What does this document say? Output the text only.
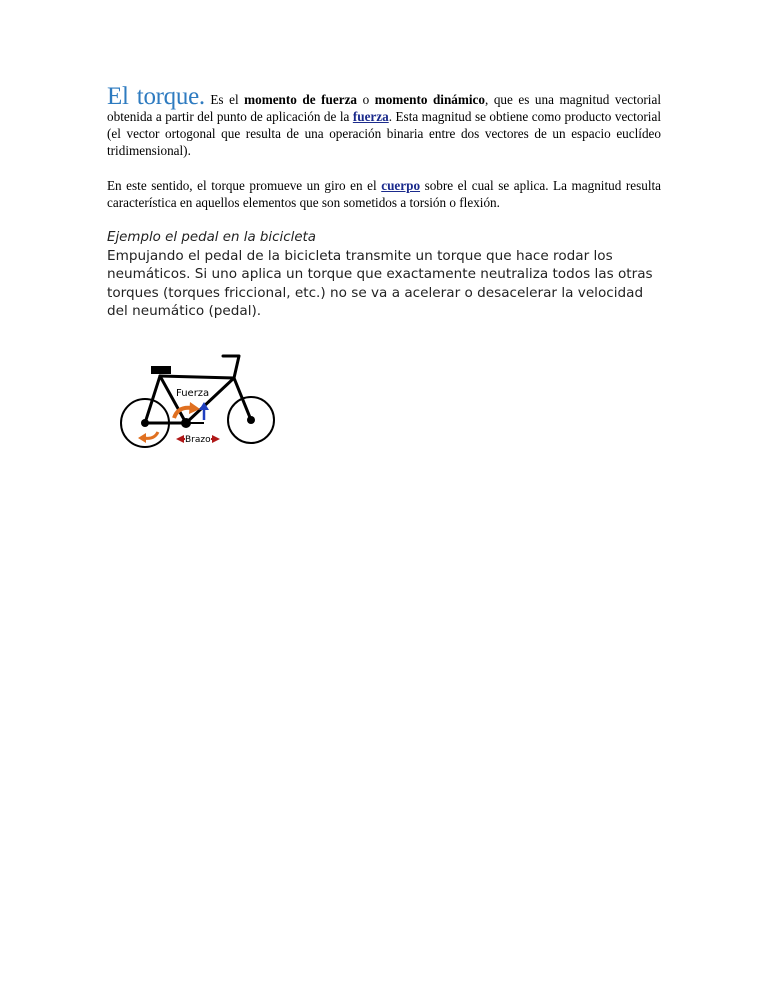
El torque. Es el momento de fuerza o momento dinámico, que es una magnitud vectorial obtenida a partir del punto de aplicación de la fuerza. Esta magnitud se obtiene como producto vectorial (el vector ortogonal que resulta de una operación binaria entre dos vectores de un espacio euclídeo tridimensional).

En este sentido, el torque promueve un giro en el cuerpo sobre el cual se aplica. La magnitud resulta característica en aquellos elementos que son sometidos a torsión o flexión.

Ejemplo el pedal en la bicicleta

Empujando el pedal de la bicicleta transmite un torque que hace rodar los neumáticos. Si uno aplica un torque que exactamente neutraliza todos las otras torques (torques friccional, etc.) no se va a acelerar o desacelerar la velocidad del neumático (pedal).

Fuerza
Brazo
